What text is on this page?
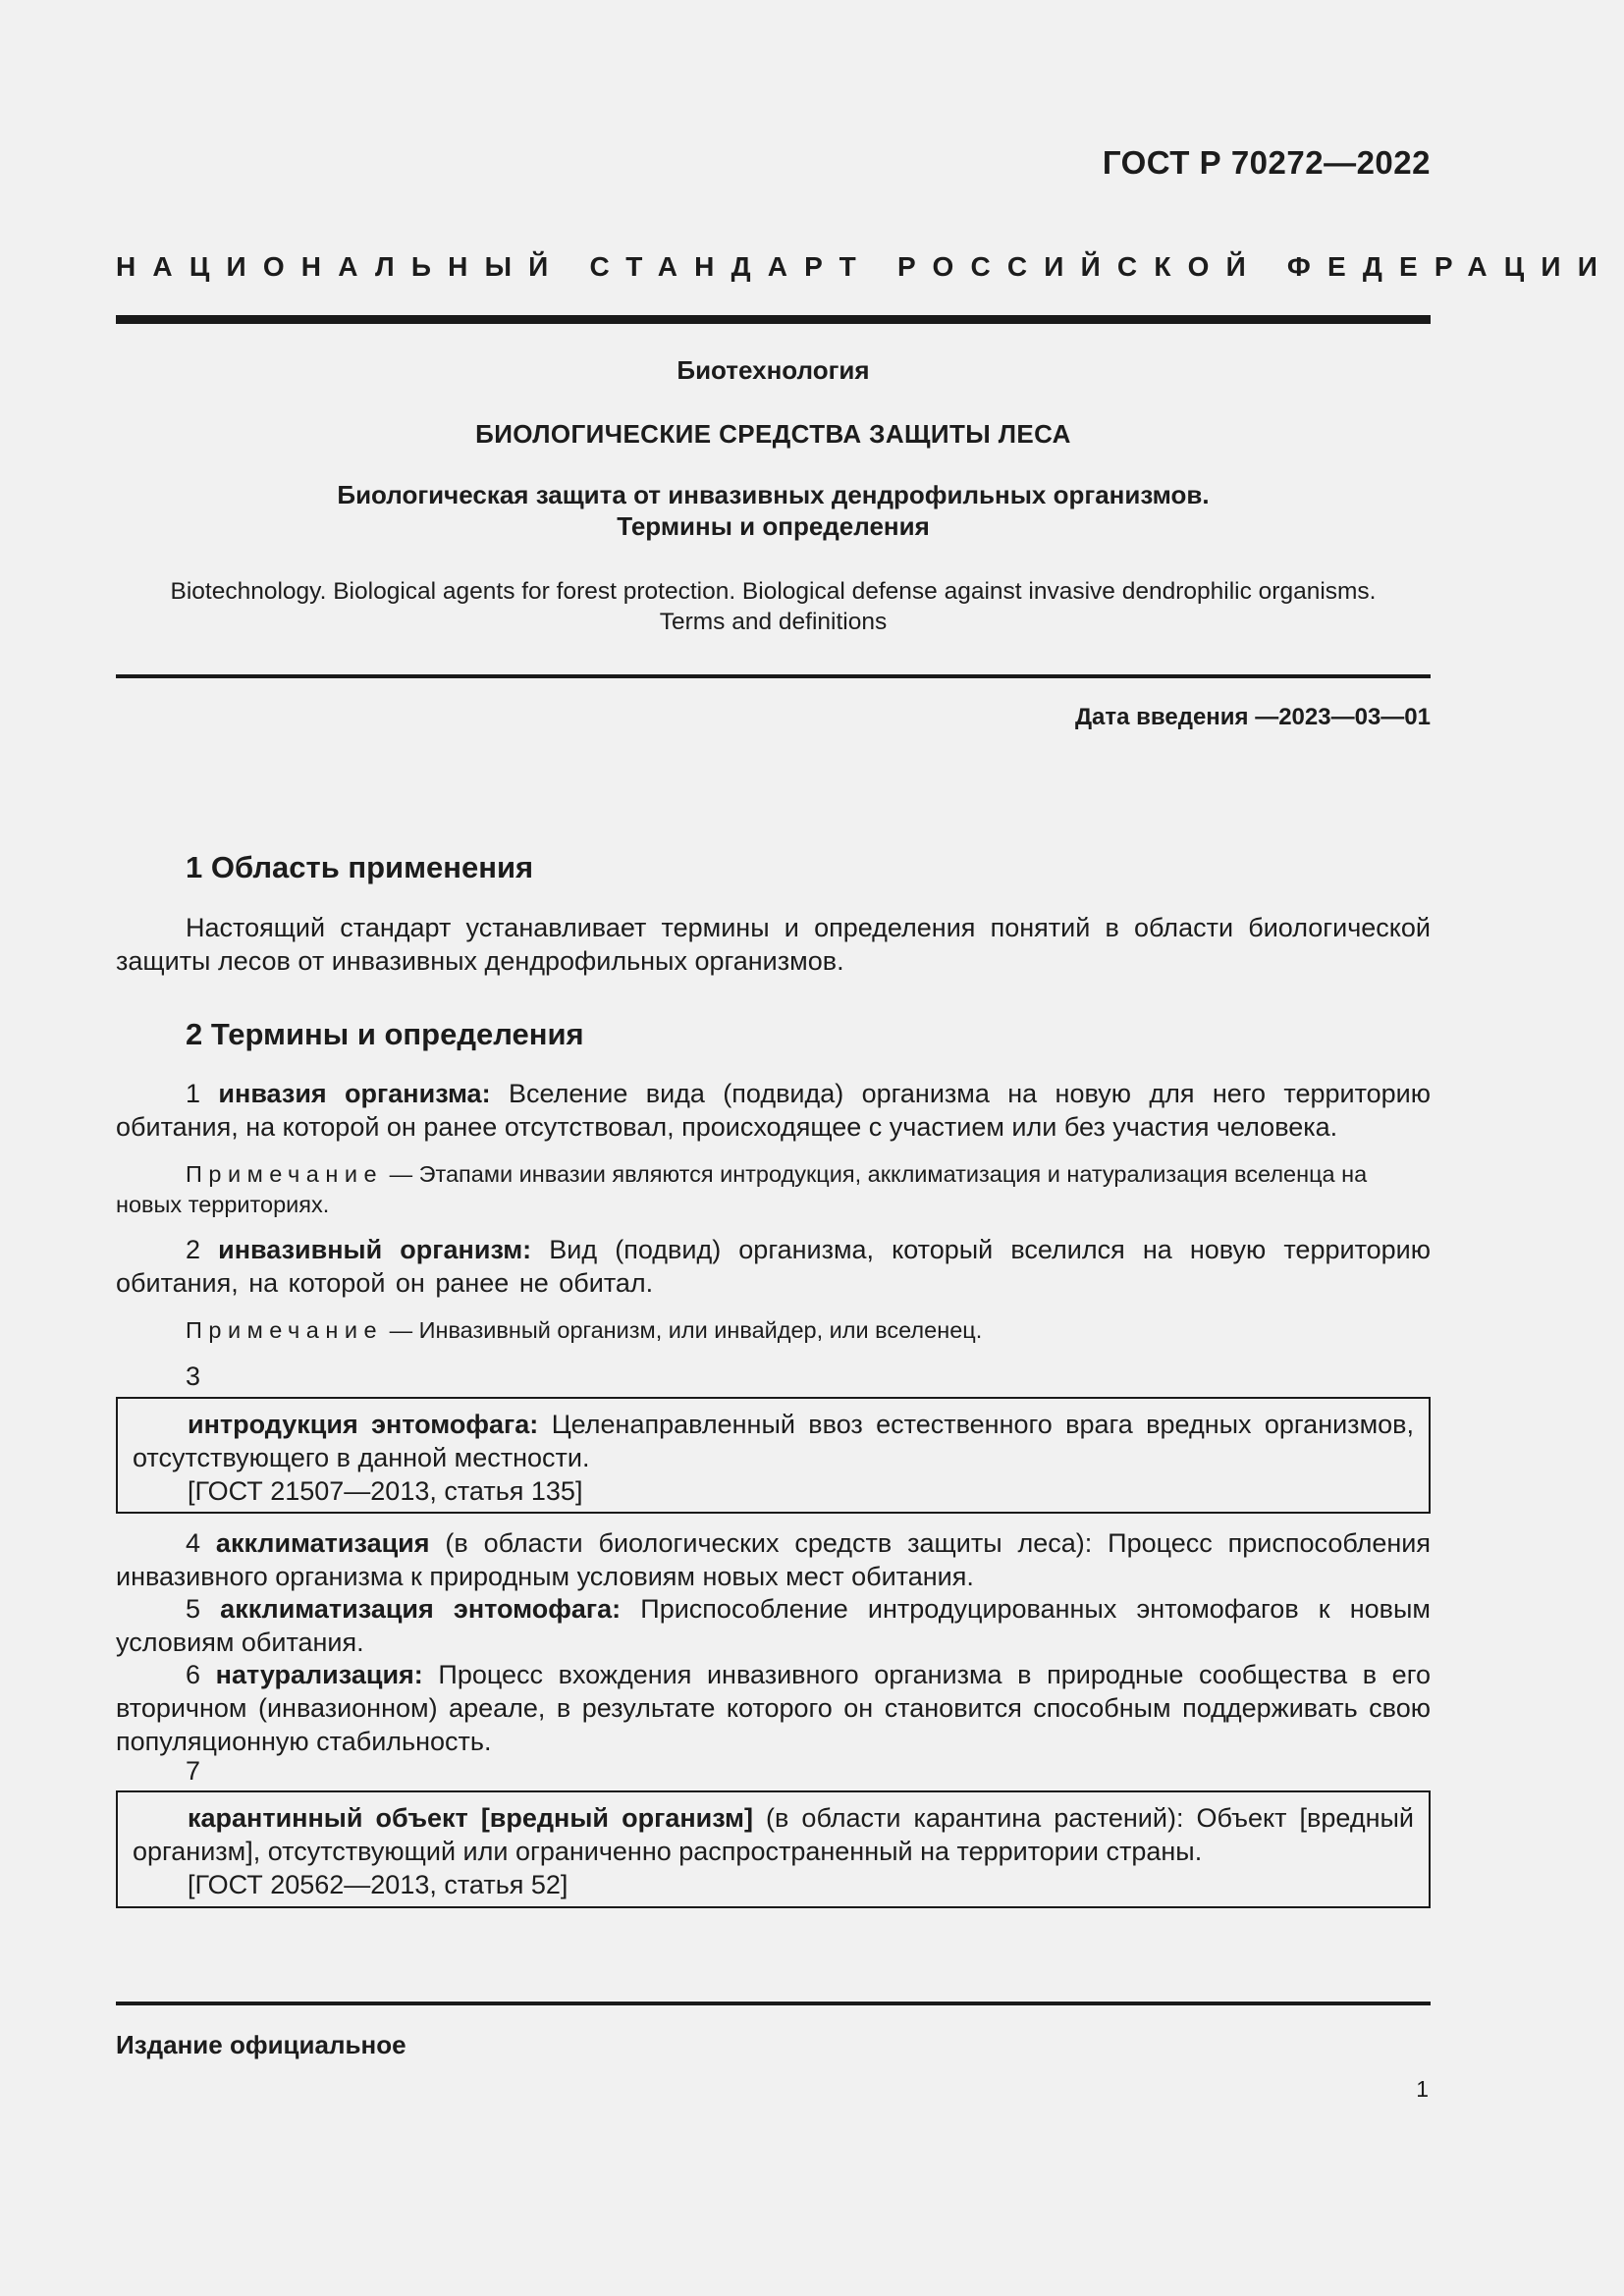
ГОСТ Р 70272—2022
НАЦИОНАЛЬНЫЙ СТАНДАРТ РОССИЙСКОЙ ФЕДЕРАЦИИ
Биотехнология
БИОЛОГИЧЕСКИЕ СРЕДСТВА ЗАЩИТЫ ЛЕСА
Биологическая защита от инвазивных дендрофильных организмов.
Термины и определения
Biotechnology. Biological agents for forest protection. Biological defense against invasive dendrophilic organisms.
Terms and definitions
Дата введения —2023—03—01
1 Область применения
Настоящий стандарт устанавливает термины и определения понятий в области биологической защиты лесов от инвазивных дендрофильных организмов.
2 Термины и определения
1 инвазия организма: Вселение вида (подвида) организма на новую для него территорию обитания, на которой он ранее отсутствовал, происходящее с участием или без участия человека.
Примечание — Этапами инвазии являются интродукция, акклиматизация и натурализация вселенца на новых территориях.
2 инвазивный организм: Вид (подвид) организма, который вселился на новую территорию обитания, на которой он ранее не обитал.
Примечание — Инвазивный организм, или инвайдер, или вселенец.
3
интродукция энтомофага: Целенаправленный ввоз естественного врага вредных организмов, отсутствующего в данной местности.
[ГОСТ 21507—2013, статья 135]
4 акклиматизация (в области биологических средств защиты леса): Процесс приспособления инвазивного организма к природным условиям новых мест обитания.
5 акклиматизация энтомофага: Приспособление интродуцированных энтомофагов к новым условиям обитания.
6 натурализация: Процесс вхождения инвазивного организма в природные сообщества в его вторичном (инвазионном) ареале, в результате которого он становится способным поддерживать свою популяционную стабильность.
7
карантинный объект [вредный организм] (в области карантина растений): Объект [вредный организм], отсутствующий или ограниченно распространенный на территории страны.
[ГОСТ 20562—2013, статья 52]
Издание официальное
1
